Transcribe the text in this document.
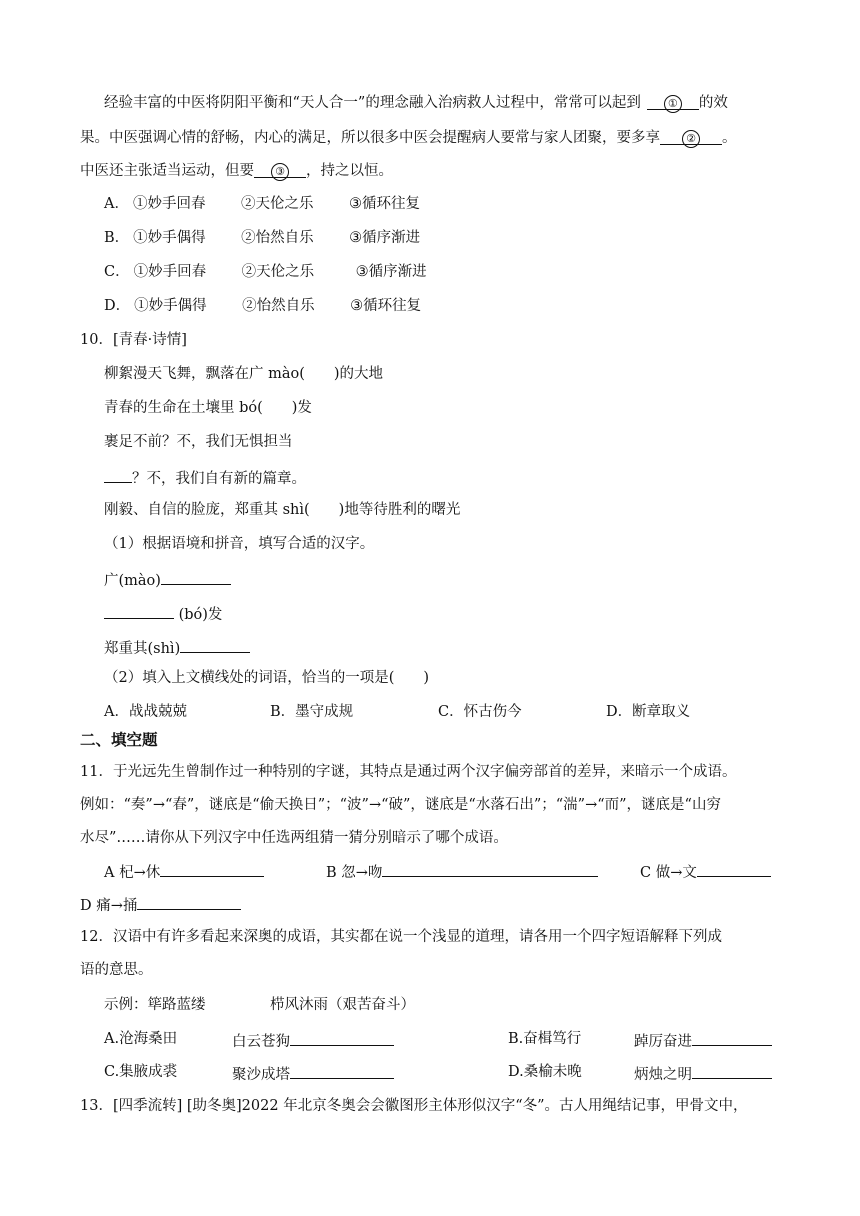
经验丰富的中医将阴阳平衡和“天人合一”的理念融入治病救人过程中，常常可以起到 ① 的效
果。中医强调心情的舒畅，内心的满足，所以很多中医会提醒病人要常与家人团聚，要多享 ② 。
中医还主张适当运动，但要 ③ ，持之以恒。
A． ①妙手回春 ②天伦之乐 ③循环往复
B． ①妙手偶得 ②怡然自乐 ③循序渐进
C． ①妙手回春 ②天伦之乐	③循序渐进
D． ①妙手偶得 ②怡然自乐 ③循环往复
10．[青春·诗情]
柳絮漫天飞舞，飘落在广 mào(　　)的大地
青春的生命在土壤里 bó(　　)发
裹足不前？不，我们无惧担当
？不，我们自有新的篇章。
刚毅、自信的脸庞，郑重其 shì(　　)地等待胜利的曙光
（1）根据语境和拼音，填写合适的汉字。
广(mào)
(bó)发
郑重其(shì)
（2）填入上文横线处的词语，恰当的一项是(　　)
A．战战兢兢	B．墨守成规	C．怀古伤今	D．断章取义
二、填空题
11．于光远先生曾制作过一种特别的字谜，其特点是通过两个汉字偏旁部首的差异，来暗示一个成语。
例如：“奏”→“春”，谜底是“偷天换日”；“波”→“破”，谜底是“水落石出”；“湍”→“而”，谜底是“山穷
水尽”……请你从下列汉字中任选两组猜一猜分别暗示了哪个成语。
A 杞→休	B 忽→吻	C 做→文
D 痛→捅
12．汉语中有许多看起来深奥的成语，其实都在说一个浅显的道理，请各用一个四字短语解释下列成
语的意思。
示例：筚路蓝缕	栉风沐雨（艰苦奋斗）
A.沧海桑田	白云苍狗	B.奋楫笃行	踔厉奋进
C.集腋成裘	聚沙成塔	D.桑榆未晚	炳烛之明
13．[四季流转] [助冬奥]2022 年北京冬奥会会徽图形主体形似汉字“冬”。古人用绳结记事，甲骨文中，
